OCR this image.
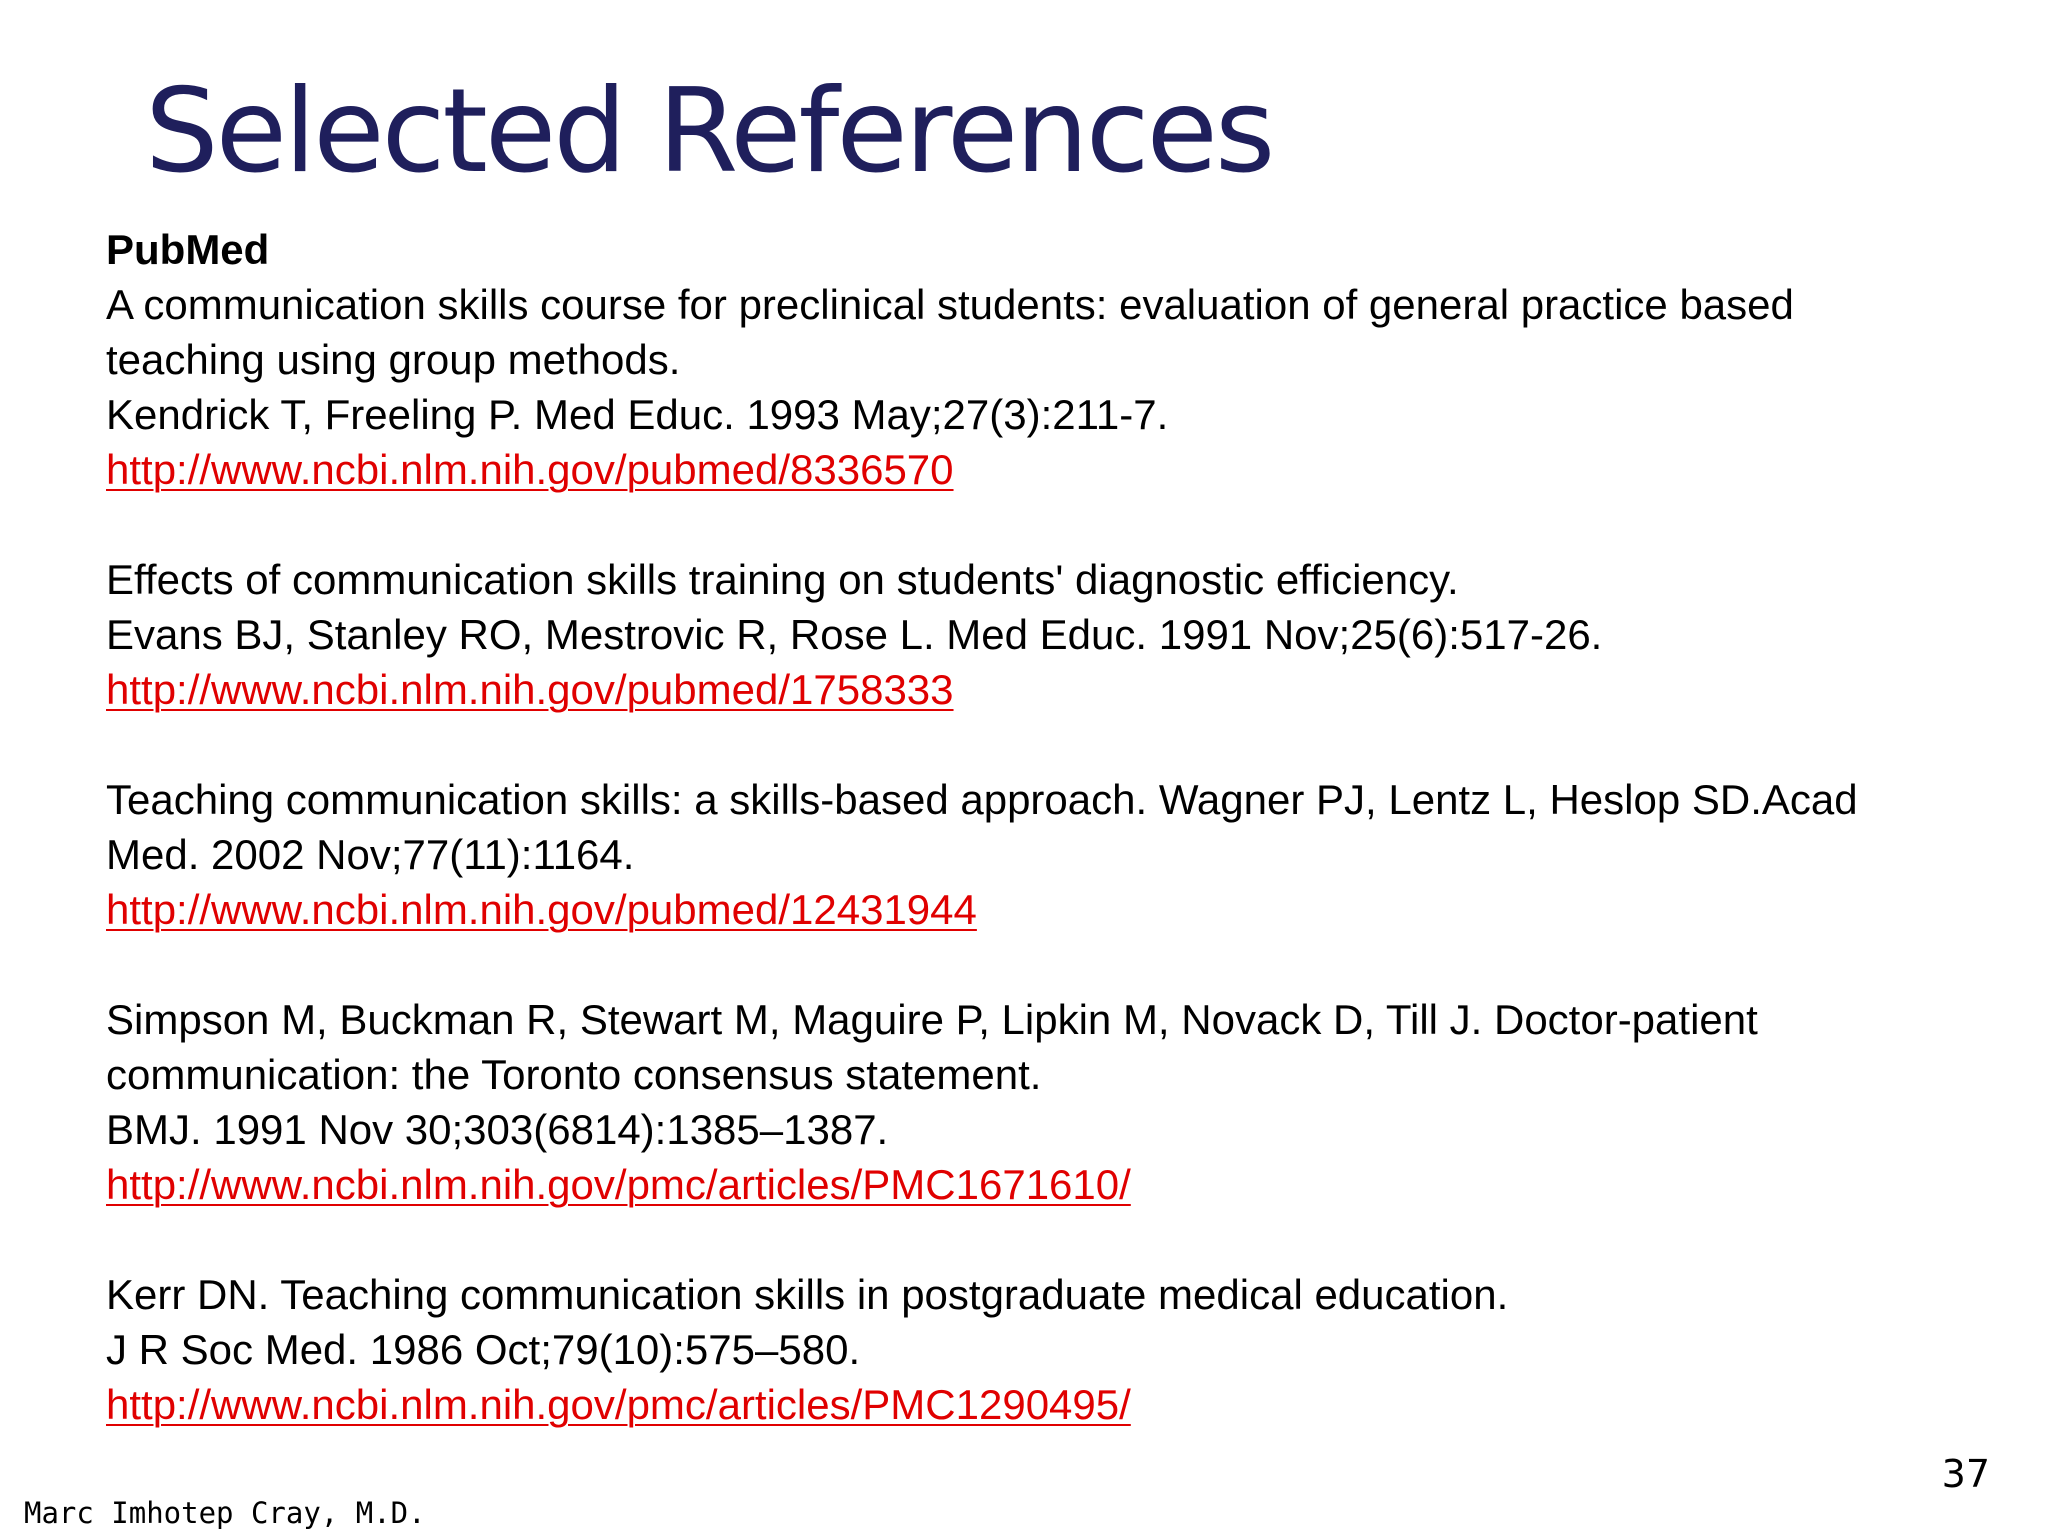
Selected References
PubMed
A communication skills course for preclinical students: evaluation of general practice based
teaching using group methods.
Kendrick T, Freeling P. Med Educ. 1993 May;27(3):211-7.
http://www.ncbi.nlm.nih.gov/pubmed/8336570
Effects of communication skills training on students' diagnostic efficiency.
Evans BJ, Stanley RO, Mestrovic R, Rose L. Med Educ. 1991 Nov;25(6):517-26.
http://www.ncbi.nlm.nih.gov/pubmed/1758333
Teaching communication skills: a skills-based approach. Wagner PJ, Lentz L, Heslop SD.Acad
Med. 2002 Nov;77(11):1164.
http://www.ncbi.nlm.nih.gov/pubmed/12431944
Simpson M, Buckman R, Stewart M, Maguire P, Lipkin M, Novack D, Till J. Doctor-patient
communication: the Toronto consensus statement.
BMJ. 1991 Nov 30;303(6814):1385–1387.
http://www.ncbi.nlm.nih.gov/pmc/articles/PMC1671610/
Kerr DN. Teaching communication skills in postgraduate medical education.
J R Soc Med. 1986 Oct;79(10):575–580.
http://www.ncbi.nlm.nih.gov/pmc/articles/PMC1290495/
37
Marc Imhotep Cray, M.D.
